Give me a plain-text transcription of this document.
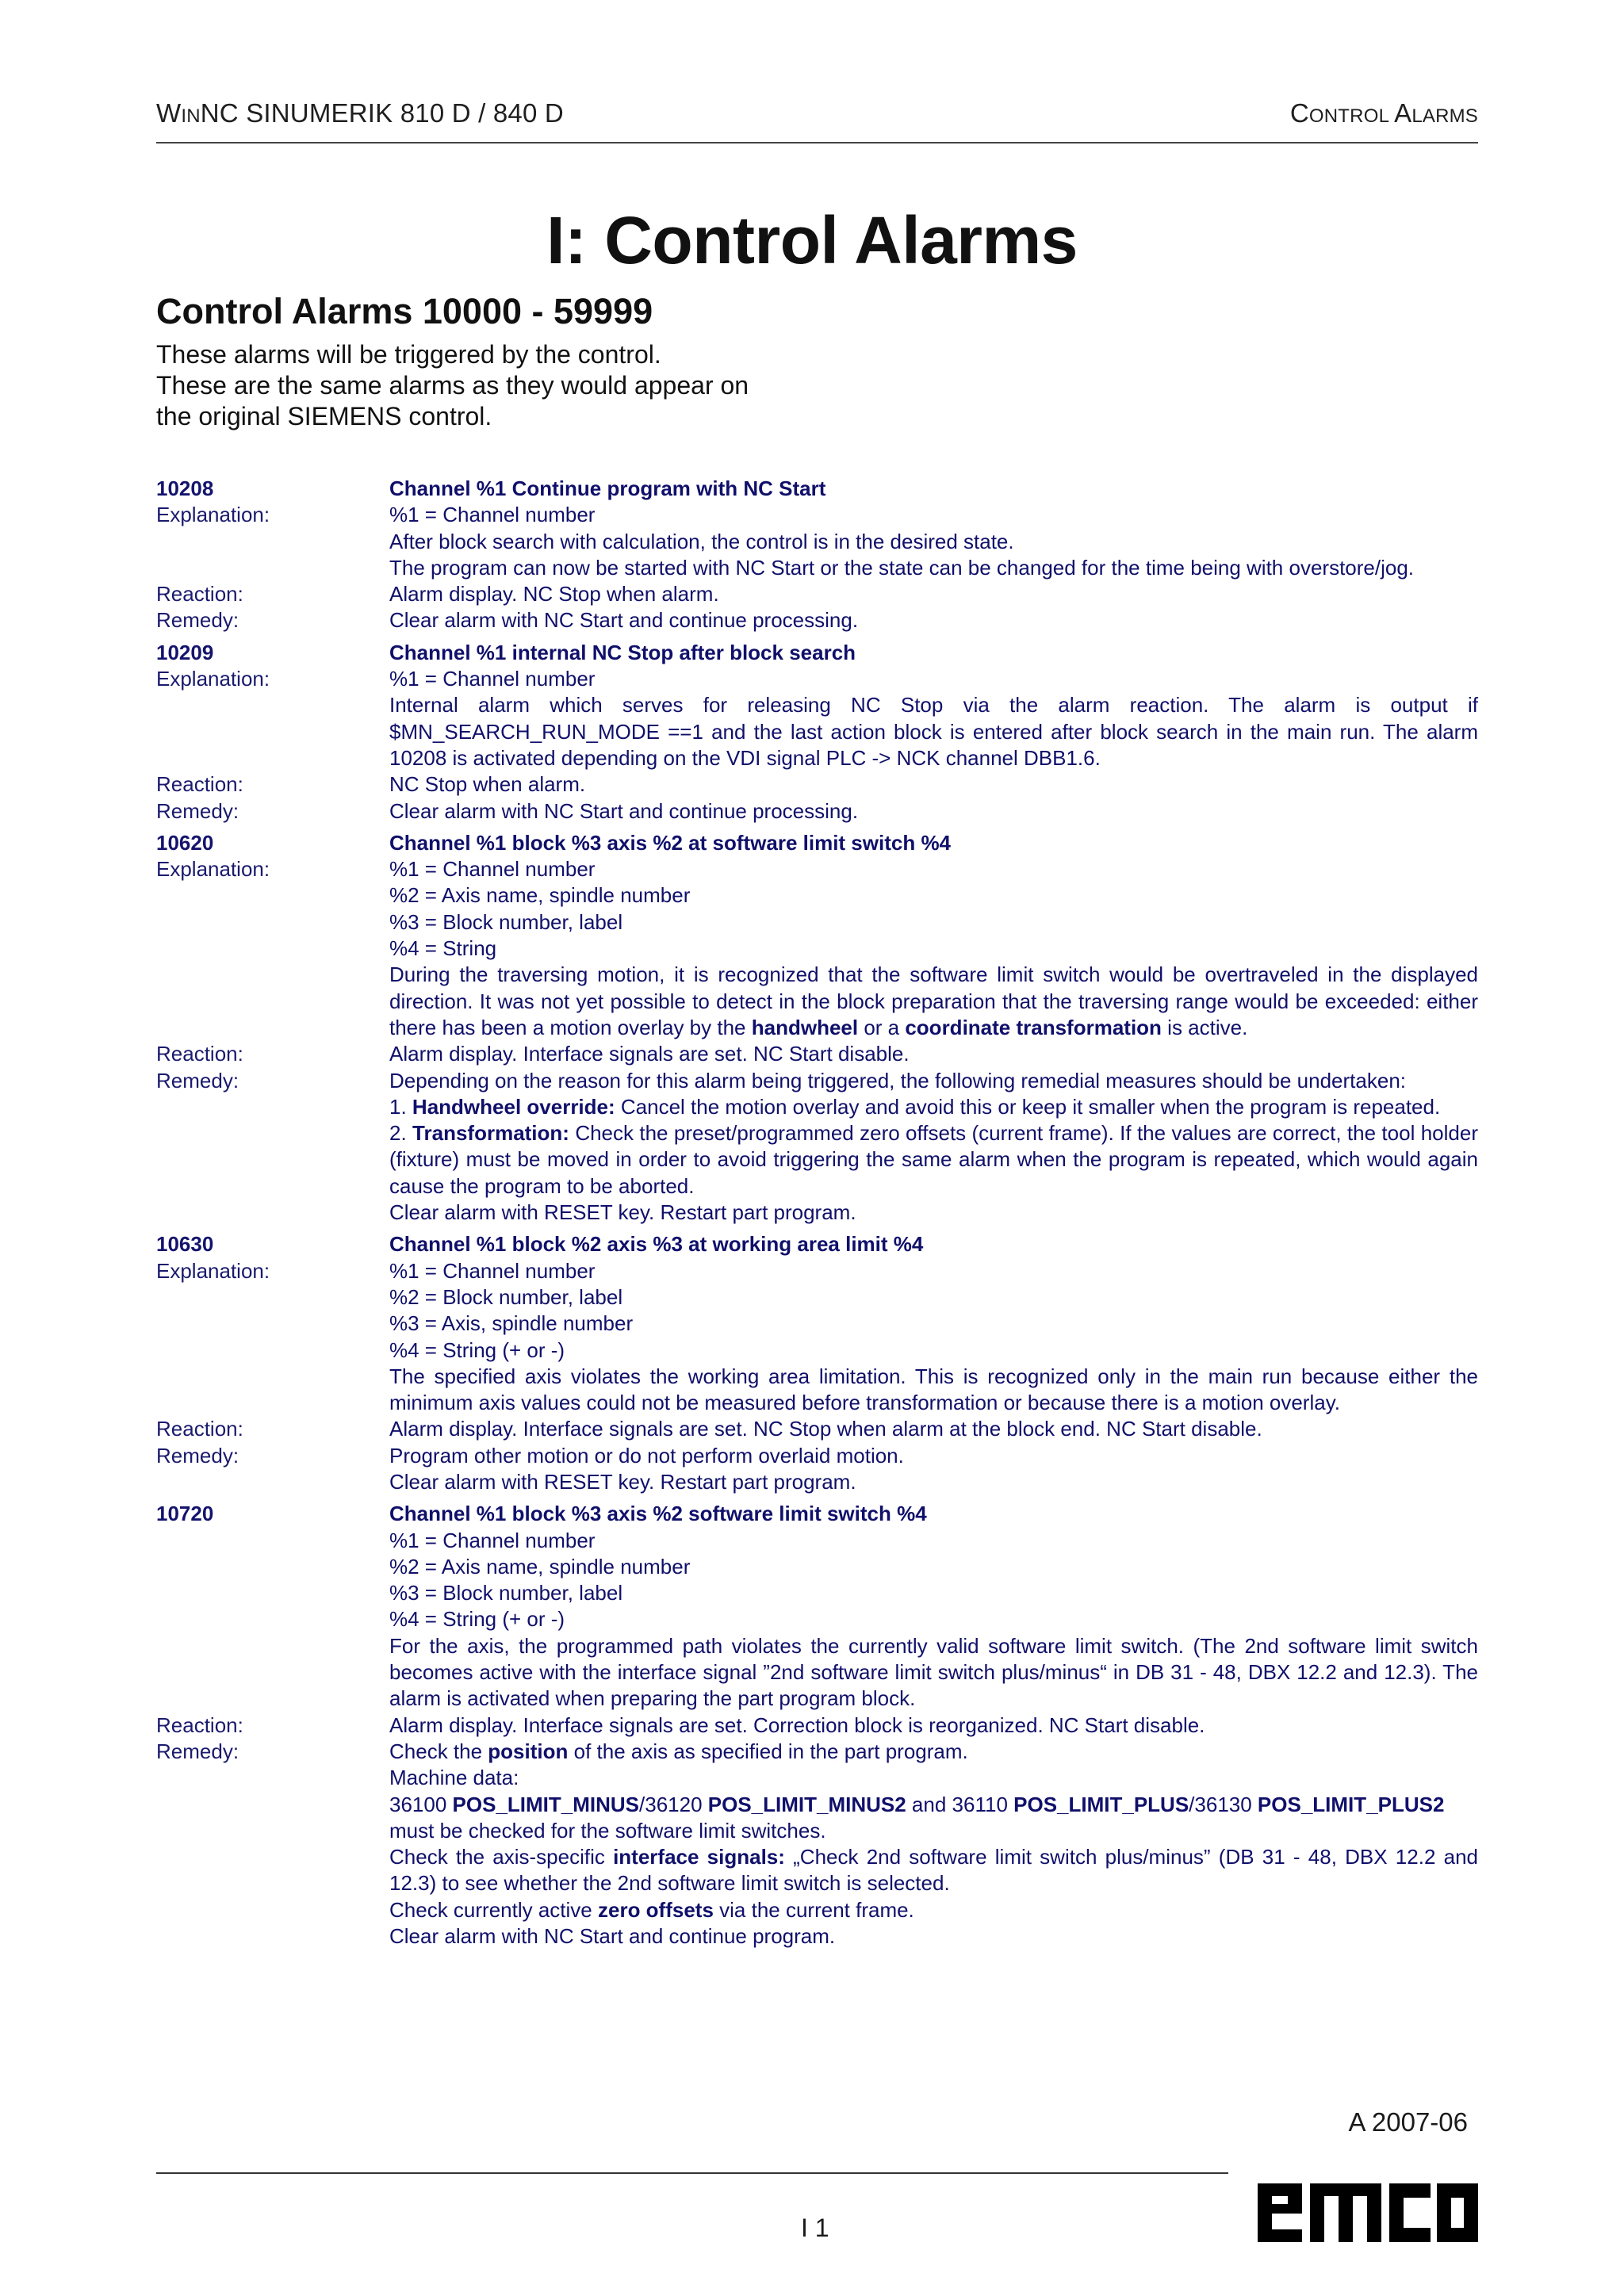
WINNC SINUMERIK 810 D / 840 D	CONTROL ALARMS
I: Control Alarms
Control Alarms 10000 - 59999
These alarms will be triggered by the control.
These are the same alarms as they would appear on
the original SIEMENS control.
10208	Channel %1 Continue program with NC Start
Explanation:	%1 = Channel number
After block search with calculation, the control is in the desired state.
The program can now be started with NC Start or the state can be changed for the time being with overstore/jog.
Reaction:	Alarm display. NC Stop when alarm.
Remedy:	Clear alarm with NC Start and continue processing.
10209	Channel %1 internal NC Stop after block search
Explanation:	%1 = Channel number
Internal alarm which serves for releasing NC Stop via the alarm reaction. The alarm is output if $MN_SEARCH_RUN_MODE ==1 and the last action block is entered after block search in the main run. The alarm 10208 is activated depending on the VDI signal PLC -> NCK channel DBB1.6.
Reaction:	NC Stop when alarm.
Remedy:	Clear alarm with NC Start and continue processing.
10620	Channel %1 block %3 axis %2 at software limit switch %4
Explanation:	%1 = Channel number
%2 = Axis name, spindle number
%3 = Block number, label
%4 = String
During the traversing motion, it is recognized that the software limit switch would be overtraveled in the displayed direction. It was not yet possible to detect in the block preparation that the traversing range would be exceeded: either there has been a motion overlay by the handwheel or a coordinate transformation is active.
Reaction:	Alarm display. Interface signals are set. NC Start disable.
Remedy:	Depending on the reason for this alarm being triggered, the following remedial measures should be undertaken:
1. Handwheel override: Cancel the motion overlay and avoid this or keep it smaller when the program is repeated.
2. Transformation: Check the preset/programmed zero offsets (current frame). If the values are correct, the tool holder (fixture) must be moved in order to avoid triggering the same alarm when the program is repeated, which would again cause the program to be aborted.
Clear alarm with RESET key. Restart part program.
10630	Channel %1 block %2 axis %3 at working area limit %4
Explanation:	%1 = Channel number
%2 = Block number, label
%3 = Axis, spindle number
%4 = String (+ or -)
The specified axis violates the working area limitation. This is recognized only in the main run because either the minimum axis values could not be measured before transformation or because there is a motion overlay.
Reaction:	Alarm display. Interface signals are set. NC Stop when alarm at the block end. NC Start disable.
Remedy:	Program other motion or do not perform overlaid motion.
Clear alarm with RESET key. Restart part program.
10720	Channel %1 block %3 axis %2 software limit switch %4
%1 = Channel number
%2 = Axis name, spindle number
%3 = Block number, label
%4 = String (+ or -)
For the axis, the programmed path violates the currently valid software limit switch. (The 2nd software limit switch becomes active with the interface signal ”2nd software limit switch plus/minus“ in DB 31 - 48, DBX 12.2 and 12.3). The alarm is activated when preparing the part program block.
Reaction:	Alarm display. Interface signals are set. Correction block is reorganized. NC Start disable.
Remedy:	Check the position of the axis as specified in the part program.
Machine data:
36100 POS_LIMIT_MINUS/36120 POS_LIMIT_MINUS2 and 36110 POS_LIMIT_PLUS/36130 POS_LIMIT_PLUS2
must be checked for the software limit switches.
Check the axis-specific interface signals: „Check 2nd software limit switch plus/minus” (DB 31 - 48, DBX 12.2 and 12.3) to see whether the 2nd software limit switch is selected.
Check currently active zero offsets via the current frame.
Clear alarm with NC Start and continue program.
A 2007-06
I 1
